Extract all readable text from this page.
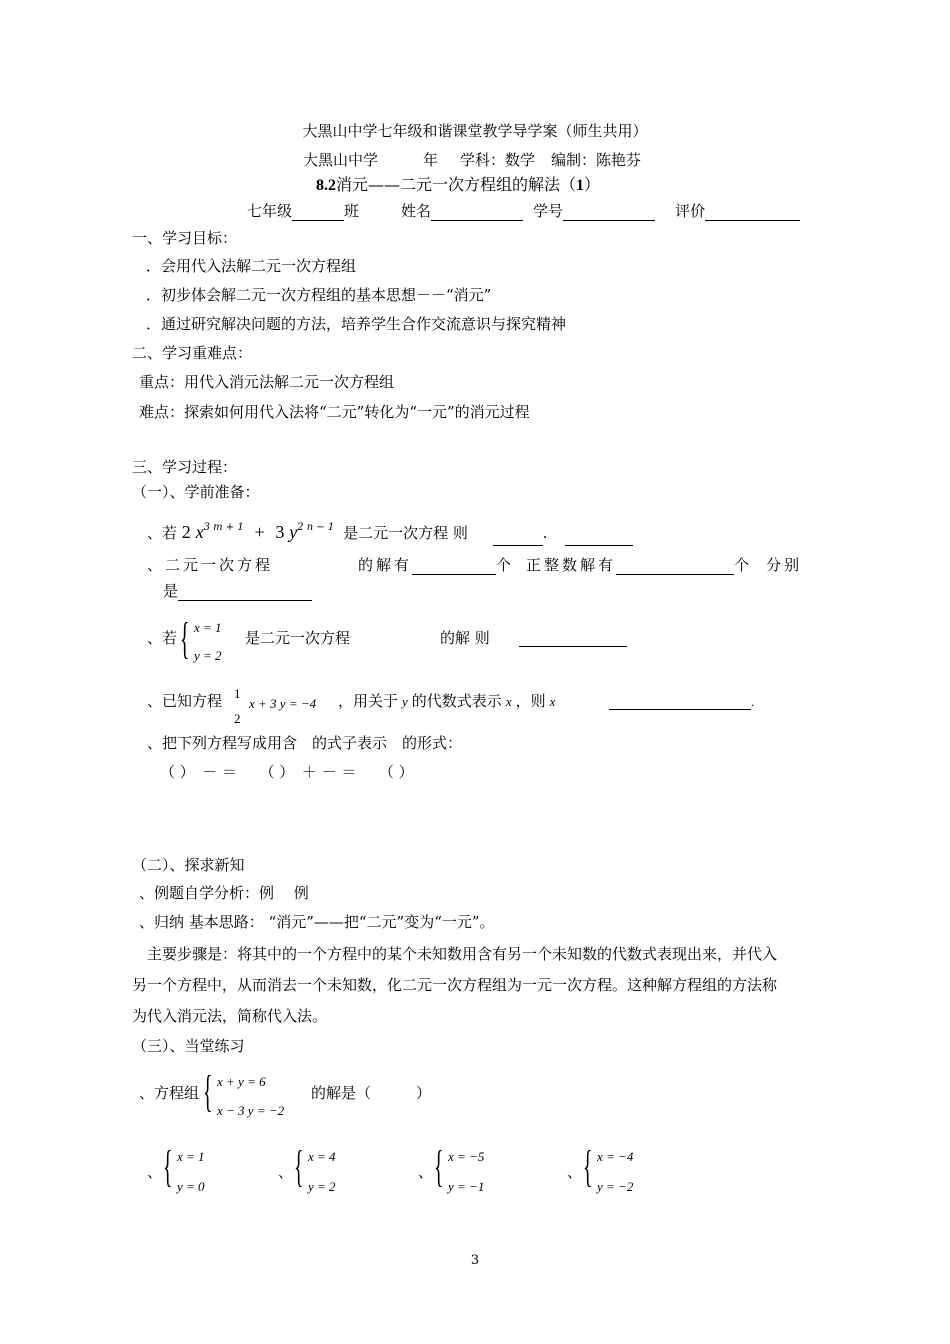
大黑山中学七年级和谐课堂教学导学案（师生共用）
大黑山中学	年 学科：数学 编制：陈艳芬
8.2消元——二元一次方程组的解法（1）
七年级	班	姓名	学号	评价
一、学习目标：
．会用代入法解二元一次方程组
．初步体会解二元一次方程组的基本思想－－“消元”
．通过研究解决问题的方法，培养学生合作交流意识与探究精神
二、学习重难点：
重点：用代入消元法解二元一次方程组
难点：探索如何用代入法将“二元”转化为“一元”的消元过程
三、学习过程：
（一）、学前准备：
、若 2 $x^{3 m + 1} + 3$ $y^{2 n - 1}$ 是二元一次方程 则	.
、二元一次方程	的解有	个 正整数解有	个 分别
是
、若 { x = 1
y = 2
是二元一次方程	的解 则
、已知方程 1
2
x + 3 y = −4 ，用关于 y 的代数式表示 x ，则 x	.
、把下列方程写成用含　的式子表示　的形式：
（ ）　－ ＝　　（ ）　＋ － ＝　　（ ）
（二）、探求新知
、例题自学分析：例　 例
、归纳 基本思路： “消元”——把“二元”变为“一元”。
主要步骤是：将其中的一个方程中的某个未知数用含有另一个未知数的代数式表现出来，并代入
另一个方程中，从而消去一个未知数，化二元一次方程组为一元一次方程。这种解方程组的方法称
为代入消元法，简称代入法。
（三）、当堂练习
、方程组 { x + y = 6
x − 3 y = −2
的解是（　　　）
、 { x = 1
y = 0
、 { x = 4
y = 2
、 { x = −5
y = −1
、 { x = −4
y = −2
3
